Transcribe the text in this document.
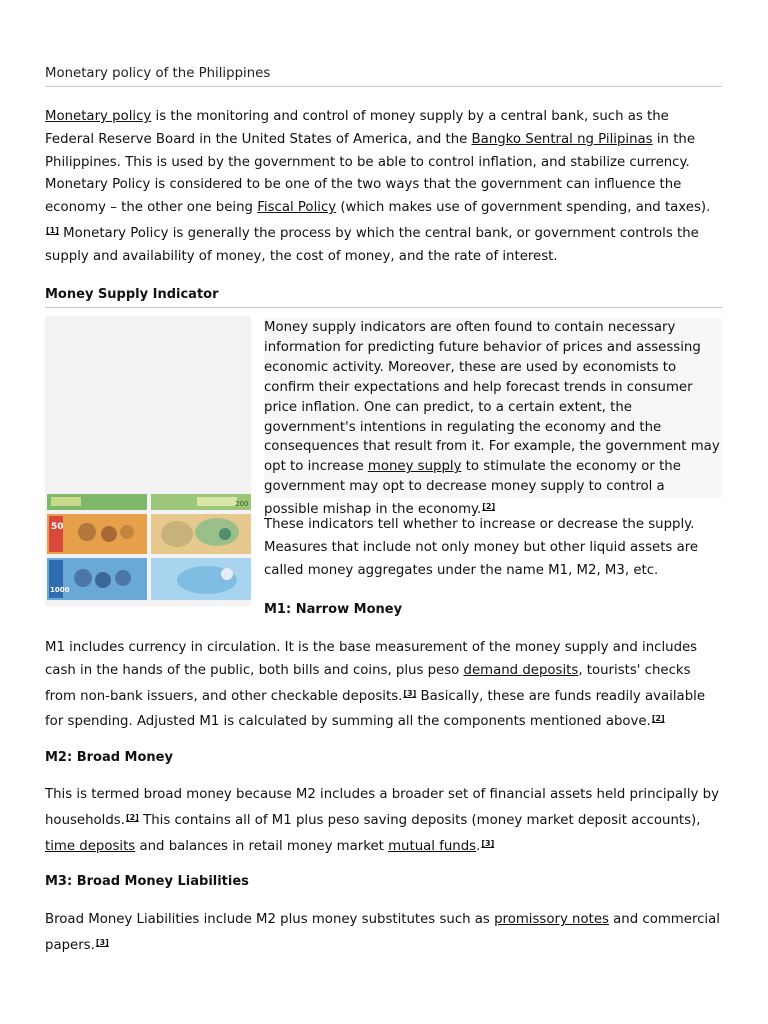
Monetary policy of the Philippines

Monetary policy is the monitoring and control of money supply by a central bank, such as the Federal Reserve Board in the United States of America, and the Bangko Sentral ng Pilipinas in the Philippines. This is used by the government to be able to control inflation, and stabilize currency. Monetary Policy is considered to be one of the two ways that the government can influence the economy – the other one being Fiscal Policy (which makes use of government spending, and taxes).[1] Monetary Policy is generally the process by which the central bank, or government controls the supply and availability of money, the cost of money, and the rate of interest.

Money Supply Indicator
200
50
1000

Money supply indicators are often found to contain necessary information for predicting future behavior of prices and assessing economic activity. Moreover, these are used by economists to confirm their expectations and help forecast trends in consumer price inflation. One can predict, to a certain extent, the government's intentions in regulating the economy and the consequences that result from it. For example, the government may opt to increase money supply to stimulate the economy or the government may opt to decrease money supply to control a possible mishap in the economy.[2]

These indicators tell whether to increase or decrease the supply. Measures that include not only money but other liquid assets are called money aggregates under the name M1, M2, M3, etc.

M1: Narrow Money

M1 includes currency in circulation. It is the base measurement of the money supply and includes cash in the hands of the public, both bills and coins, plus peso demand deposits, tourists' checks from non-bank issuers, and other checkable deposits.[3] Basically, these are funds readily available for spending. Adjusted M1 is calculated by summing all the components mentioned above.[2]

M2: Broad Money

This is termed broad money because M2 includes a broader set of financial assets held principally by households.[2] This contains all of M1 plus peso saving deposits (money market deposit accounts), time deposits and balances in retail money market mutual funds.[3]

M3: Broad Money Liabilities

Broad Money Liabilities include M2 plus money substitutes such as promissory notes and commercial papers.[3]
